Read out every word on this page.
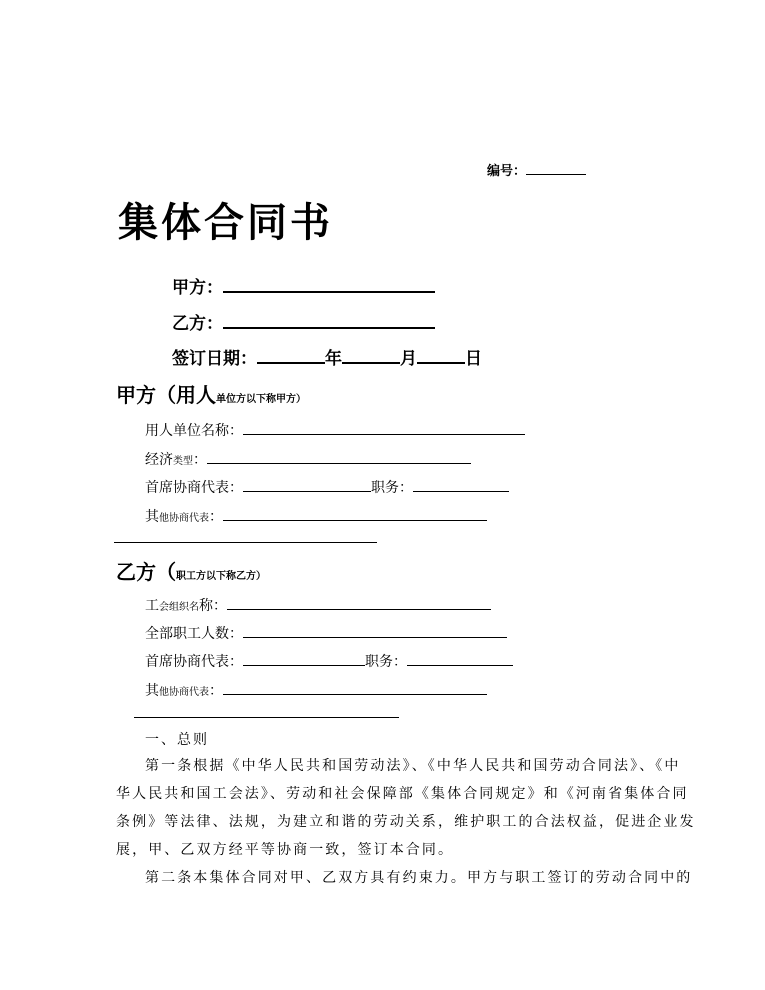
编号：
集体合同书
甲方：
乙方：
签订日期：	年	月	日
甲方（用人单位方以下称甲方）
用人单位名称：
经济类型：
首席协商代表：	职务：
其他协商代表：
乙方（职工方以下称乙方）
工会组织名称：
全部职工人数：
首席协商代表：	职务：
其他协商代表：
一、总则
第一条根据《中华人民共和国劳动法》、《中华人民共和国劳动合同法》、《中
华人民共和国工会法》、劳动和社会保障部《集体合同规定》和《河南省集体合同
条例》等法律、法规，为建立和谐的劳动关系，维护职工的合法权益，促进企业发
展，甲、乙双方经平等协商一致，签订本合同。
第二条本集体合同对甲、乙双方具有约束力。甲方与职工签订的劳动合同中的
